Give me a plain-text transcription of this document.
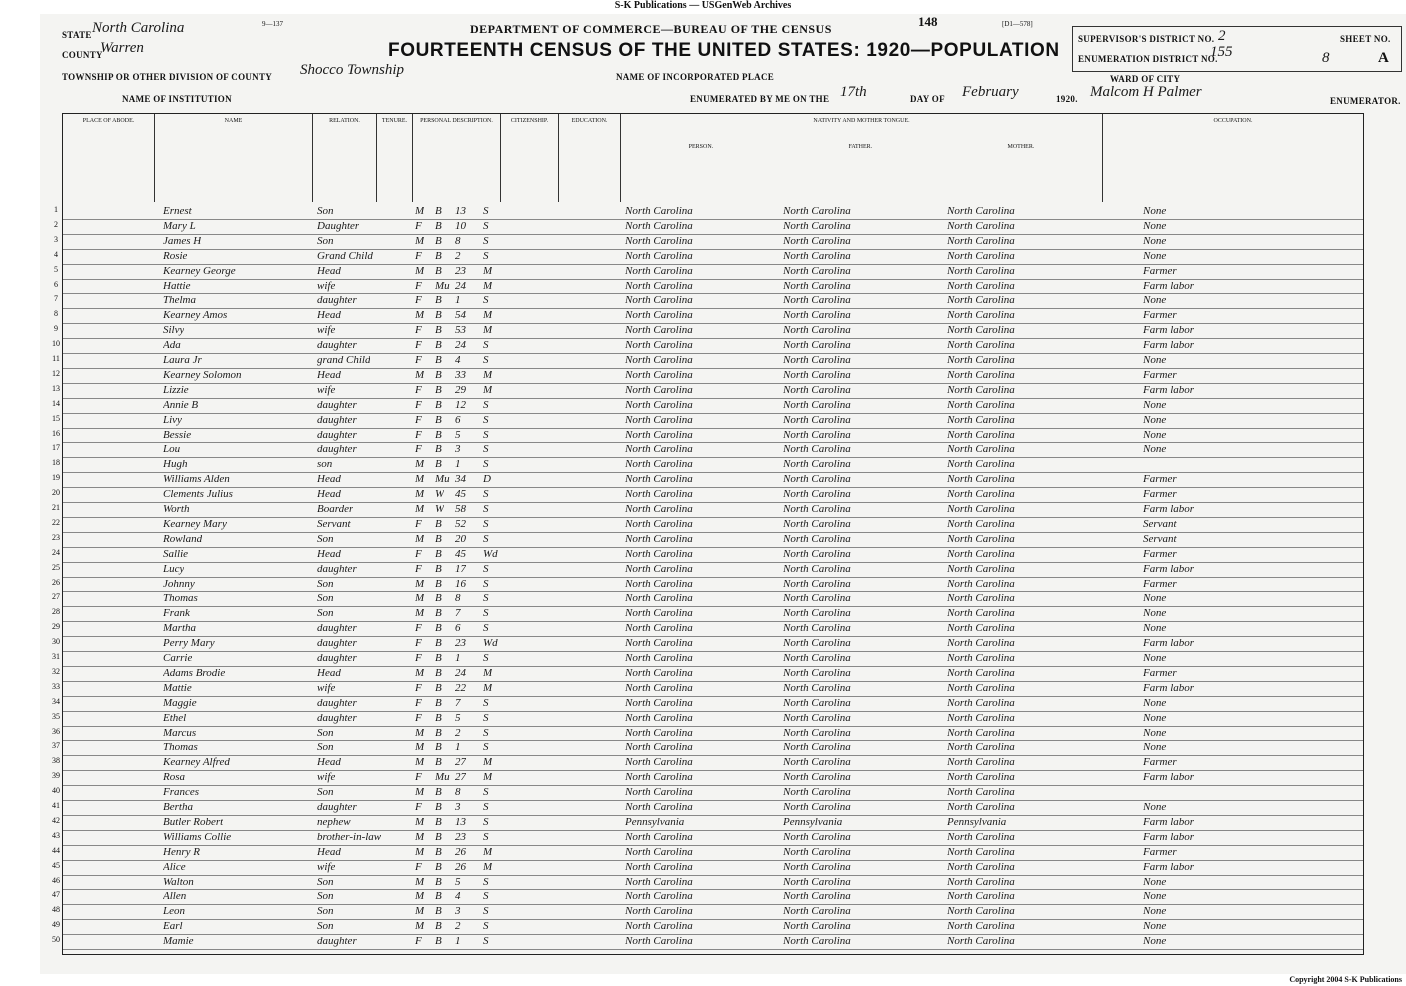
S-K Publications — USGenWeb Archives
9—137	148	[D1—578]
DEPARTMENT OF COMMERCE—BUREAU OF THE CENSUS
FOURTEENTH CENSUS OF THE UNITED STATES: 1920—POPULATION
STATE North Carolina
COUNTY
Warren
TOWNSHIP OR OTHER DIVISION OF COUNTY Shocco Township
NAME OF INSTITUTION
NAME OF INCORPORATED PLACE
ENUMERATED BY ME ON THE 17th	DAY OF February	1920.
WARD OF CITY
Malcom H Palmer
ENUMERATOR.
SUPERVISOR'S DISTRICT NO. 2
ENUMERATION DISTRICT NO.
155
SHEET NO.
8	A
PLACE OF ABODE.	NAME	RELATION.	TENURE.	PERSONAL DESCRIPTION.	CITIZENSHIP.	EDUCATION.	NATIVITY AND MOTHER TONGUE.
PERSON.	FATHER.	MOTHER.
OCCUPATION.
1	Ernest	Son	M B 13 S	North Carolina	North Carolina	North Carolina	None
2	Mary L	Daughter	F B 10 S	North Carolina	North Carolina	North Carolina	None
3	James H	Son	M B 8 S	North Carolina	North Carolina	North Carolina	None
4	Rosie	Grand Child	F B 2 S	North Carolina	North Carolina	North Carolina	None
5	Kearney George	Head	M B 23 M	North Carolina	North Carolina	North Carolina	Farmer
6	Hattie	wife	F Mu 24 M	North Carolina	North Carolina	North Carolina	Farm labor
7	Thelma	daughter	F B 1 S	North Carolina	North Carolina	North Carolina	None
8	Kearney Amos	Head	M B 54 M	North Carolina	North Carolina	North Carolina	Farmer
9	Silvy	wife	F B 53 M	North Carolina	North Carolina	North Carolina	Farm labor
10	Ada	daughter	F B 24 S	North Carolina	North Carolina	North Carolina	Farm labor
11	Laura Jr	grand Child	F B 4 S	North Carolina	North Carolina	North Carolina	None
12	Kearney Solomon	Head	M B 33 M	North Carolina	North Carolina	North Carolina	Farmer
13	Lizzie	wife	F B 29 M	North Carolina	North Carolina	North Carolina	Farm labor
14	Annie B	daughter	F B 12 S	North Carolina	North Carolina	North Carolina	None
15	Livy	daughter	F B 6 S	North Carolina	North Carolina	North Carolina	None
16	Bessie	daughter	F B 5 S	North Carolina	North Carolina	North Carolina	None
17	Lou	daughter	F B 3 S	North Carolina	North Carolina	North Carolina	None
18	Hugh	son	M B 1 S	North Carolina	North Carolina	North Carolina
19	Williams Alden	Head	M Mu 34 D	North Carolina	North Carolina	North Carolina	Farmer
20	Clements Julius	Head	M W 45 S	North Carolina	North Carolina	North Carolina	Farmer
21	Worth	Boarder	M W 58 S	North Carolina	North Carolina	North Carolina	Farm labor
22	Kearney Mary	Servant	F B 52 S	North Carolina	North Carolina	North Carolina	Servant
23	Rowland	Son	M B 20 S	North Carolina	North Carolina	North Carolina	Servant
24	Sallie	Head	F B 45 Wd	North Carolina	North Carolina	North Carolina	Farmer
25	Lucy	daughter	F B 17 S	North Carolina	North Carolina	North Carolina	Farm labor
26	Johnny	Son	M B 16 S	North Carolina	North Carolina	North Carolina	Farmer
27	Thomas	Son	M B 8 S	North Carolina	North Carolina	North Carolina	None
28	Frank	Son	M B 7 S	North Carolina	North Carolina	North Carolina	None
29	Martha	daughter	F B 6 S	North Carolina	North Carolina	North Carolina	None
30	Perry Mary	daughter	F B 23 Wd	North Carolina	North Carolina	North Carolina	Farm labor
31	Carrie	daughter	F B 1 S	North Carolina	North Carolina	North Carolina	None
32	Adams Brodie	Head	M B 24 M	North Carolina	North Carolina	North Carolina	Farmer
33	Mattie	wife	F B 22 M	North Carolina	North Carolina	North Carolina	Farm labor
34	Maggie	daughter	F B 7 S	North Carolina	North Carolina	North Carolina	None
35	Ethel	daughter	F B 5 S	North Carolina	North Carolina	North Carolina	None
36	Marcus	Son	M B 2 S	North Carolina	North Carolina	North Carolina	None
37	Thomas	Son	M B 1 S	North Carolina	North Carolina	North Carolina	None
38	Kearney Alfred	Head	M B 27 M	North Carolina	North Carolina	North Carolina	Farmer
39	Rosa	wife	F Mu 27 M	North Carolina	North Carolina	North Carolina	Farm labor
40	Frances	Son	M B 8 S	North Carolina	North Carolina	North Carolina
41	Bertha	daughter	F B 3 S	North Carolina	North Carolina	North Carolina	None
42	Butler Robert	nephew	M B 13 S	Pennsylvania	Pennsylvania	Pennsylvania	Farm labor
43	Williams Collie	brother-in-law	M B 23 S	North Carolina	North Carolina	North Carolina	Farm labor
44	Henry R	Head	M B 26 M	North Carolina	North Carolina	North Carolina	Farmer
45	Alice	wife	F B 26 M	North Carolina	North Carolina	North Carolina	Farm labor
46	Walton	Son	M B 5 S	North Carolina	North Carolina	North Carolina	None
47	Allen	Son	M B 4 S	North Carolina	North Carolina	North Carolina	None
48	Leon	Son	M B 3 S	North Carolina	North Carolina	North Carolina	None
49	Earl	Son	M B 2 S	North Carolina	North Carolina	North Carolina	None
50	Mamie	daughter	F B 1 S	North Carolina	North Carolina	North Carolina	None
Copyright 2004 S-K Publications
